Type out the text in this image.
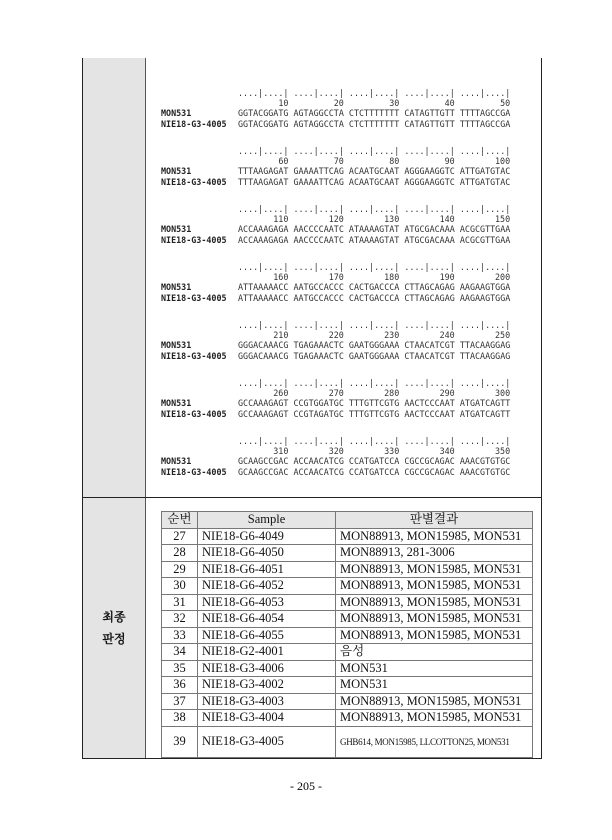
최종
판정
....|....| ....|....| ....|....| ....|....| ....|....|
10	20	30	40	50
MON531	GGTACGGATG AGTAGGCCTA CTCTTTTTTT CATAGTTGTT TTTTAGCCGA
NIE18-G3-4005 GGTACGGATG AGTAGGCCTA CTCTTTTTTT CATAGTTGTT TTTTAGCCGA
....|....| ....|....| ....|....| ....|....| ....|....|
60	70	80	90	100
MON531	TTTAAGAGAT GAAAATTCAG ACAATGCAAT AGGGAAGGTC ATTGATGTAC
NIE18-G3-4005 TTTAAGAGAT GAAAATTCAG ACAATGCAAT AGGGAAGGTC ATTGATGTAC
....|....| ....|....| ....|....| ....|....| ....|....|
110	120	130	140	150
MON531	ACCAAAGAGA AACCCCAATC ATAAAAGTAT ATGCGACAAA ACGCGTTGAA
NIE18-G3-4005 ACCAAAGAGA AACCCCAATC ATAAAAGTAT ATGCGACAAA ACGCGTTGAA
....|....| ....|....| ....|....| ....|....| ....|....|
160	170	180	190	200
MON531	ATTAAAAACC AATGCCACCC CACTGACCCA CTTAGCAGAG AAGAAGTGGA
NIE18-G3-4005 ATTAAAAACC AATGCCACCC CACTGACCCA CTTAGCAGAG AAGAAGTGGA
....|....| ....|....| ....|....| ....|....| ....|....|
210	220	230	240	250
MON531	GGGACAAACG TGAGAAACTC GAATGGGAAA CTAACATCGT TTACAAGGAG
NIE18-G3-4005 GGGACAAACG TGAGAAACTC GAATGGGAAA CTAACATCGT TTACAAGGAG
....|....| ....|....| ....|....| ....|....| ....|....|
260	270	280	290	300
MON531	GCCAAAGAGT CCGTGGATGC TTTGTTCGTG AACTCCCAAT ATGATCAGTT
NIE18-G3-4005 GCCAAAGAGT CCGTAGATGC TTTGTTCGTG AACTCCCAAT ATGATCAGTT
....|....| ....|....| ....|....| ....|....| ....|....|
310	320	330	340	350
MON531	GCAAGCCGAC ACCAACATCG CCATGATCCA CGCCGCAGAC AAACGTGTGC
NIE18-G3-4005 GCAAGCCGAC ACCAACATCG CCATGATCCA CGCCGCAGAC AAACGTGTGC
순번	Sample	판별결과
27	NIE18-G6-4049	MON88913, MON15985, MON531
28	NIE18-G6-4050	MON88913, 281-3006
29	NIE18-G6-4051	MON88913, MON15985, MON531
30	NIE18-G6-4052	MON88913, MON15985, MON531
31	NIE18-G6-4053	MON88913, MON15985, MON531
32	NIE18-G6-4054	MON88913, MON15985, MON531
33	NIE18-G6-4055	MON88913, MON15985, MON531
34	NIE18-G2-4001	음성
35	NIE18-G3-4006	MON531
36	NIE18-G3-4002	MON531
37	NIE18-G3-4003	MON88913, MON15985, MON531
38	NIE18-G3-4004	MON88913, MON15985, MON531
39	NIE18-G3-4005	GHB614, MON15985, LLCOTTON25, MON531
- 205 -
